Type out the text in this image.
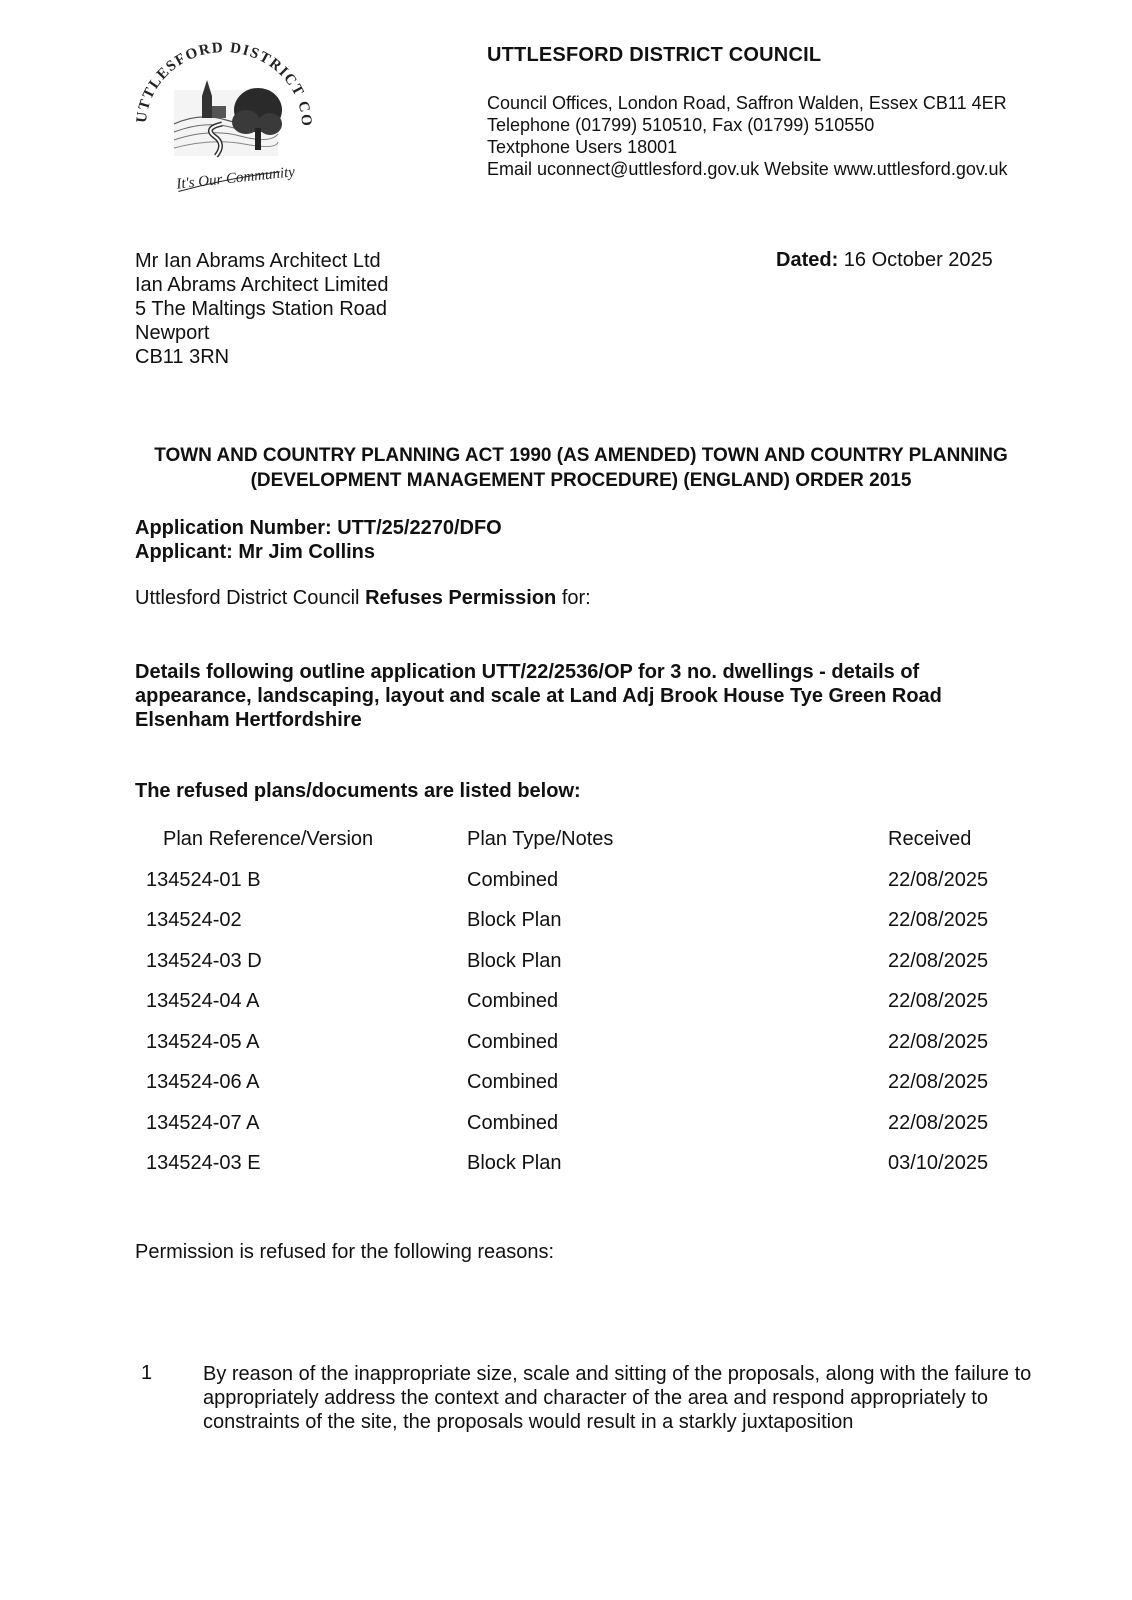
UTTLESFORD DISTRICT CO
It's Our Community
UTTLESFORD DISTRICT COUNCIL
Council Offices, London Road, Saffron Walden, Essex CB11 4ER
Telephone (01799) 510510, Fax (01799) 510550
Textphone Users 18001
Email uconnect@uttlesford.gov.uk Website www.uttlesford.gov.uk
Mr Ian Abrams Architect Ltd
Ian Abrams Architect Limited
5 The Maltings Station Road
Newport
CB11 3RN
Dated: 16 October 2025
TOWN AND COUNTRY PLANNING ACT 1990 (AS AMENDED) TOWN AND COUNTRY PLANNING (DEVELOPMENT MANAGEMENT PROCEDURE) (ENGLAND) ORDER 2015
Application Number: UTT/25/2270/DFO
Applicant: Mr Jim Collins
Uttlesford District Council Refuses Permission for:
Details following outline application UTT/22/2536/OP for 3 no. dwellings - details of appearance, landscaping, layout and scale at Land Adj Brook House Tye Green Road Elsenham Hertfordshire
The refused plans/documents are listed below:
Plan Reference/Version	Plan Type/Notes	Received
134524-01 B	Combined	22/08/2025
134524-02	Block Plan	22/08/2025
134524-03 D	Block Plan	22/08/2025
134524-04 A	Combined	22/08/2025
134524-05 A	Combined	22/08/2025
134524-06 A	Combined	22/08/2025
134524-07 A	Combined	22/08/2025
134524-03 E	Block Plan	03/10/2025
Permission is refused for the following reasons:
1	By reason of the inappropriate size, scale and sitting of the proposals, along with the failure to appropriately address the context and character of the area and respond appropriately to constraints of the site, the proposals would result in a starkly juxtaposition
